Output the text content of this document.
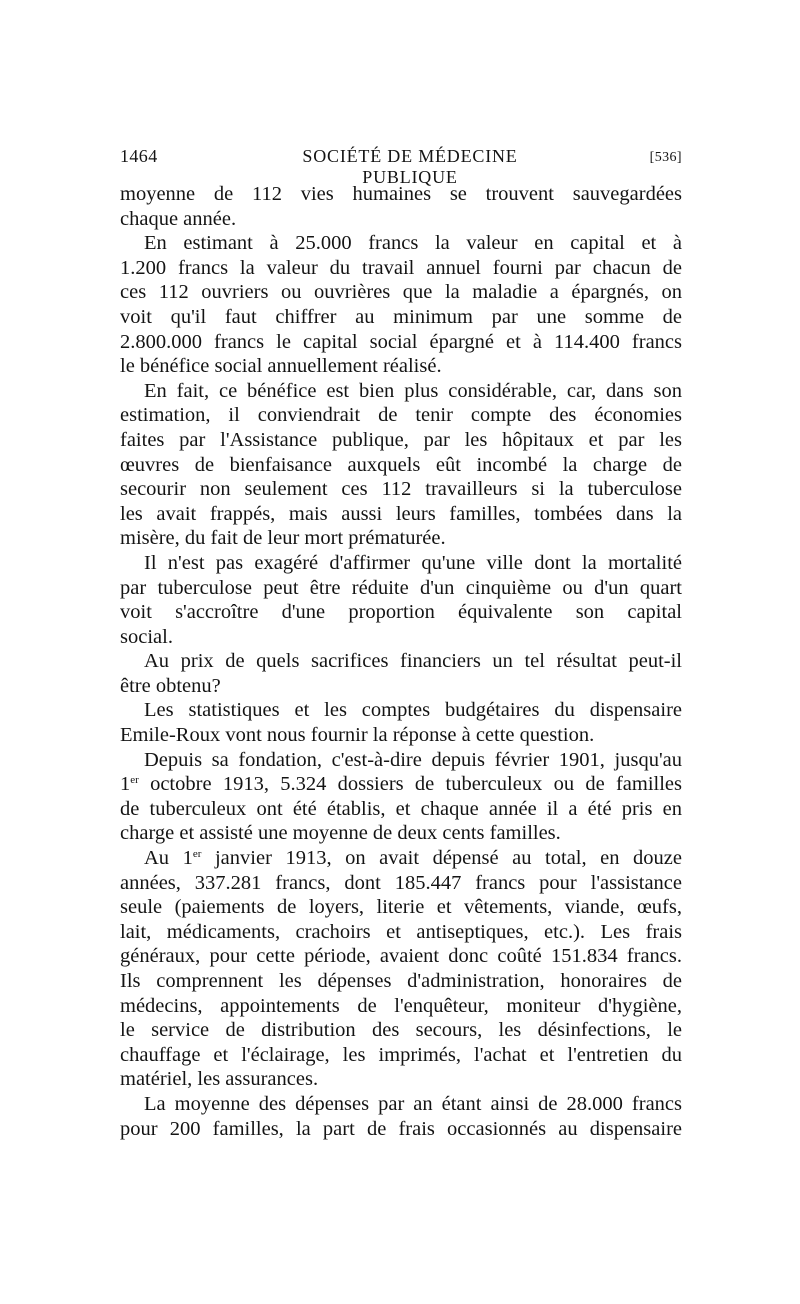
1464	SOCIÉTÉ DE MÉDECINE PUBLIQUE
[536]

moyenne de 112 vies humaines se trouvent sauvegardées

chaque année.

En estimant à 25.000 francs la valeur en capital et à

1.200 francs la valeur du travail annuel fourni par chacun de

ces 112 ouvriers ou ouvrières que la maladie a épargnés, on

voit qu'il faut chiffrer au minimum par une somme de

2.800.000 francs le capital social épargné et à 114.400 francs

le bénéfice social annuellement réalisé.

En fait, ce bénéfice est bien plus considérable, car, dans son

estimation, il conviendrait de tenir compte des économies

faites par l'Assistance publique, par les hôpitaux et par les

œuvres de bienfaisance auxquels eût incombé la charge de

secourir non seulement ces 112 travailleurs si la tuberculose

les avait frappés, mais aussi leurs familles, tombées dans la

misère, du fait de leur mort prématurée.

Il n'est pas exagéré d'affirmer qu'une ville dont la mortalité

par tuberculose peut être réduite d'un cinquième ou d'un quart

voit s'accroître d'une proportion équivalente son capital

social.

Au prix de quels sacrifices financiers un tel résultat peut-il

être obtenu?

Les statistiques et les comptes budgétaires du dispensaire

Emile-Roux vont nous fournir la réponse à cette question.

Depuis sa fondation, c'est-à-dire depuis février 1901, jusqu'au

1er octobre 1913, 5.324 dossiers de tuberculeux ou de familles

de tuberculeux ont été établis, et chaque année il a été pris en

charge et assisté une moyenne de deux cents familles.

Au 1er janvier 1913, on avait dépensé au total, en douze

années, 337.281 francs, dont 185.447 francs pour l'assistance

seule (paiements de loyers, literie et vêtements, viande, œufs,

lait, médicaments, crachoirs et antiseptiques, etc.). Les frais

généraux, pour cette période, avaient donc coûté 151.834 francs.

Ils comprennent les dépenses d'administration, honoraires de

médecins, appointements de l'enquêteur, moniteur d'hygiène,

le service de distribution des secours, les désinfections, le

chauffage et l'éclairage, les imprimés, l'achat et l'entretien du

matériel, les assurances.

La moyenne des dépenses par an étant ainsi de 28.000 francs

pour 200 familles, la part de frais occasionnés au dispensaire
